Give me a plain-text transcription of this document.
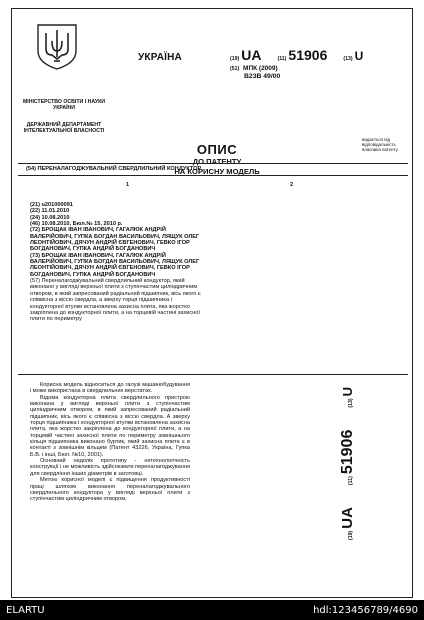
МІНІСТЕРСТВО ОСВІТИ І НАУКИ УКРАЇНИ
ДЕРЖАВНИЙ ДЕПАРТАМЕНТ ІНТЕЛЕКТУАЛЬНОЇ ВЛАСНОСТІ
УКРАЇНА	(19) UA	(11) 51906	(13) U
(51) МПК (2009)
B23B 49/00
ОПИС
ДО ПАТЕНТУ
НА КОРИСНУ МОДЕЛЬ
видається під відповідальність власника патенту
(54) ПЕРЕНАЛАГОДЖУВАЛЬНИЙ СВЕРДЛИЛЬНИЙ КОНДУКТОР
1	2

(21) u201000091

(22) 11.01.2010

(24) 10.08.2010

(46) 10.08.2010, Бюл.№ 15, 2010 р.

(72) БРОЩАК ІВАН ІВАНОВИЧ, ГАГАЛЮК АНДРІЙ ВАЛЕРІЙОВИЧ, ГУПКА БОГДАН ВАСИЛЬОВИЧ, ЛЯЩУК ОЛЕГ ЛЕОНТІЙОВИЧ, ДЯЧУН АНДРІЙ ЄВГЕНОВИЧ, ГЕВКО ІГОР БОГДАНОВИЧ, ГУПКА АНДРІЙ БОГДАНОВИЧ

(73) БРОЩАК ІВАН ІВАНОВИЧ, ГАГАЛЮК АНДРІЙ ВАЛЕРІЙОВИЧ, ГУПКА БОГДАН ВАСИЛЬОВИЧ, ЛЯЩУК ОЛЕГ ЛЕОНТІЙОВИЧ, ДЯЧУН АНДРІЙ ЄВГЕНОВИЧ, ГЕВКО ІГОР БОГДАНОВИЧ, ГУПКА АНДРІЙ БОГДАНОВИЧ

(57) Переналагоджувальний свердлильний кондуктор, який виконано у вигляді верхньої плити з ступінчастим циліндричним отвором, в який запресований радіальний підшипник, вісь якого є співвісна з віссю свердла, а зверху торця підшипника і кондукторної втулки встановлена захисна плита, яка жорстко закріплена до кондукторної плити, а на торцевій частині захисної плити по периметру

Корисна модель відноситься до галузі машинобудування і може використана в свердлильних верстатах.

Відома кондукторна плита свердлильного пристрою виконана у вигляді верхньої плити з ступінчастим циліндричним отвором, в який запресований радіальний підшипник, вісь якого є співвісна з віссю свердла. А зверху торця підшипника і кондукторної втулки встановлена захисна плита, яка жорстко закріплена до кондукторної плити, а на торцевій частині захисної плити по периметру зовнішнього кільця підшипника виконано буртик, який захисна плита є в контакті з зовнішнім кільцем (Патент 43226, Україна, Гупка Б.В. і інші, Бюл. №10, 2001).

Основний недолік прототипу - нетехнологічність конструкції і не можливість здійснювати переналагоджування для свердління інших діаметрів в заготовці.

Метою корисної моделі є підвищення продуктивності праці шляхом виконання переналагоджувального свердлильного кондуктора у вигляді верхньої плити з ступінчастим циліндричним отвором,

(19)
UA
(11)
51906
(13)
U
ELARTU	hdl:123456789/4690
